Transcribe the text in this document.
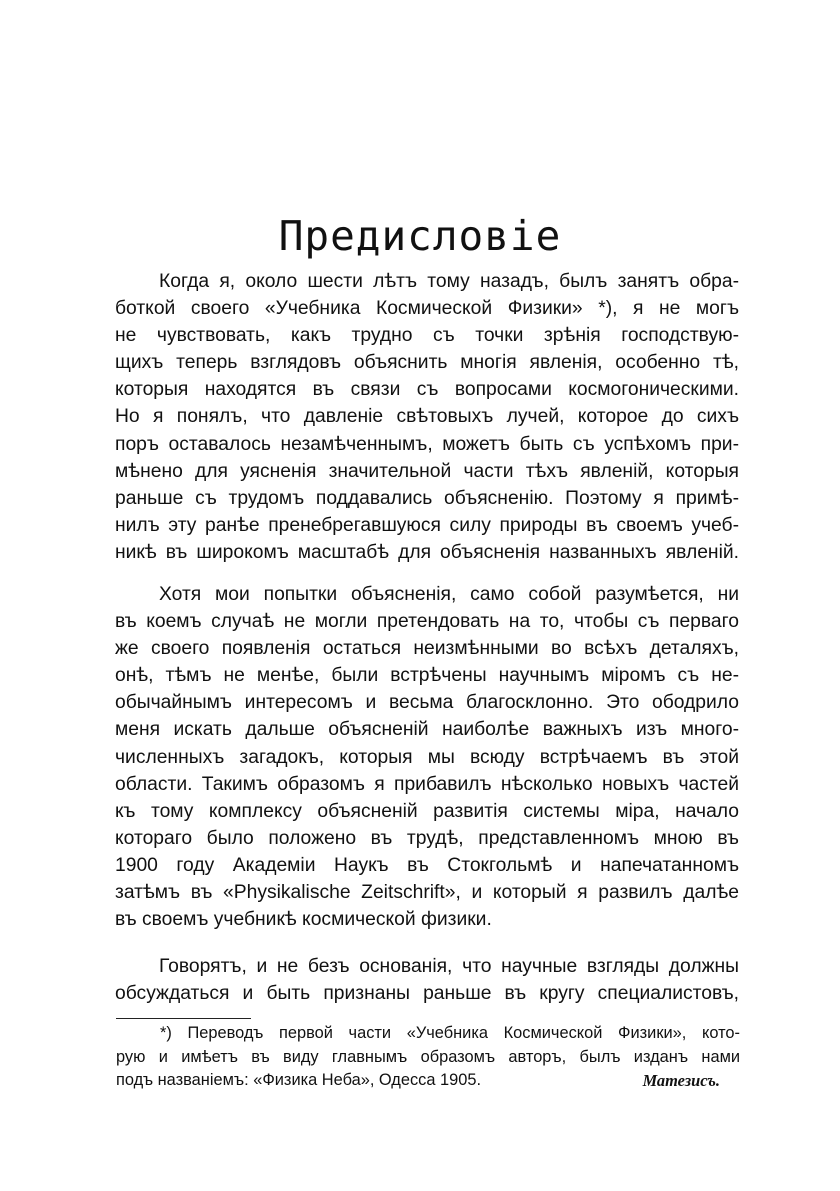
Предисловіе
Когда я, около шести лѣтъ тому назадъ, былъ занятъ обра-
боткой своего «Учебника Космической Физики» *), я не могъ
не чувствовать, какъ трудно съ точки зрѣнія господствую-
щихъ теперь взглядовъ объяснить многія явленія, особенно тѣ,
которыя находятся въ связи съ вопросами космогоническими.
Но я понялъ, что давленіе свѣтовыхъ лучей, которое до сихъ
поръ оставалось незамѣченнымъ, можетъ быть съ успѣхомъ при-
мѣнено для уясненія значительной части тѣхъ явленій, которыя
раньше съ трудомъ поддавались объясненію. Поэтому я примѣ-
нилъ эту ранѣе пренебрегавшуюся силу природы въ своемъ учеб-
никѣ въ широкомъ масштабѣ для объясненія названныхъ явленій.
Хотя мои попытки объясненія, само собой разумѣется, ни
въ коемъ случаѣ не могли претендовать на то, чтобы съ перваго
же своего появленія остаться неизмѣнными во всѣхъ деталяхъ,
онѣ, тѣмъ не менѣе, были встрѣчены научнымъ міромъ съ не-
обычайнымъ интересомъ и весьма благосклонно. Это ободрило
меня искать дальше объясненій наиболѣе важныхъ изъ много-
численныхъ загадокъ, которыя мы всюду встрѣчаемъ въ этой
области. Такимъ образомъ я прибавилъ нѣсколько новыхъ частей
къ тому комплексу объясненій развитія системы міра, начало
котораго было положено въ трудѣ, представленномъ мною въ
1900 году Академіи Наукъ въ Стокгольмѣ и напечатанномъ
затѣмъ въ «Physikalische Zeitschrift», и который я развилъ далѣе
въ своемъ учебникѣ космической физики.
Говорятъ, и не безъ основанія, что научные взгляды должны
обсуждаться и быть признаны раньше въ кругу специалистовъ,
*) Переводъ первой части «Учебника Космической Физики», кото-
рую и имѣетъ въ виду главнымъ образомъ авторъ, былъ изданъ нами
подъ названіемъ: «Физика Неба», Одесса 1905.	Матезисъ.
